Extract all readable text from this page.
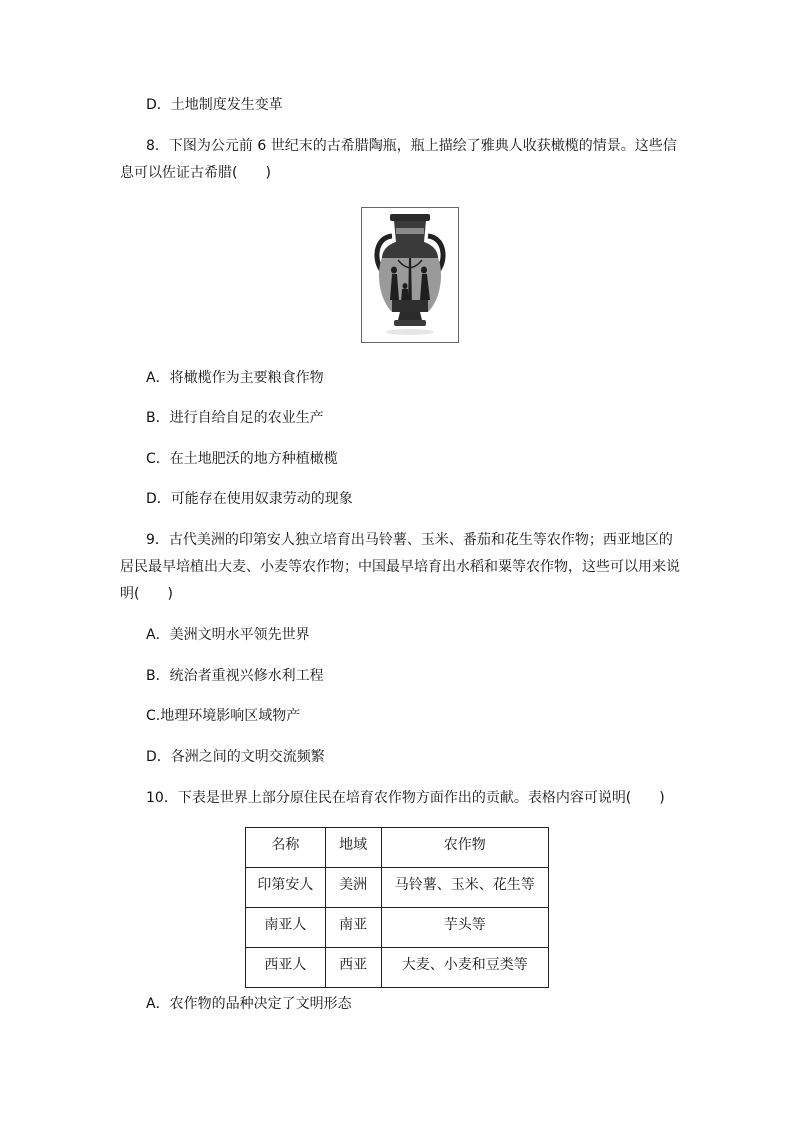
D．土地制度发生变革
8．下图为公元前 6 世纪末的古希腊陶瓶，瓶上描绘了雅典人收获橄榄的情景。这些信
息可以佐证古希腊(　　)
A．将橄榄作为主要粮食作物
B．进行自给自足的农业生产
C．在土地肥沃的地方种植橄榄
D．可能存在使用奴隶劳动的现象
9．古代美洲的印第安人独立培育出马铃薯、玉米、番茄和花生等农作物；西亚地区的
居民最早培植出大麦、小麦等农作物；中国最早培育出水稻和粟等农作物，这些可以用来说
明(　　)
A．美洲文明水平领先世界
B．统治者重视兴修水利工程
C.地理环境影响区域物产
D．各洲之间的文明交流频繁
10．下表是世界上部分原住民在培育农作物方面作出的贡献。表格内容可说明(　　)
名称	地域	农作物
印第安人	美洲	马铃薯、玉米、花生等
南亚人	南亚	芋头等
西亚人	西亚	大麦、小麦和豆类等
A．农作物的品种决定了文明形态
